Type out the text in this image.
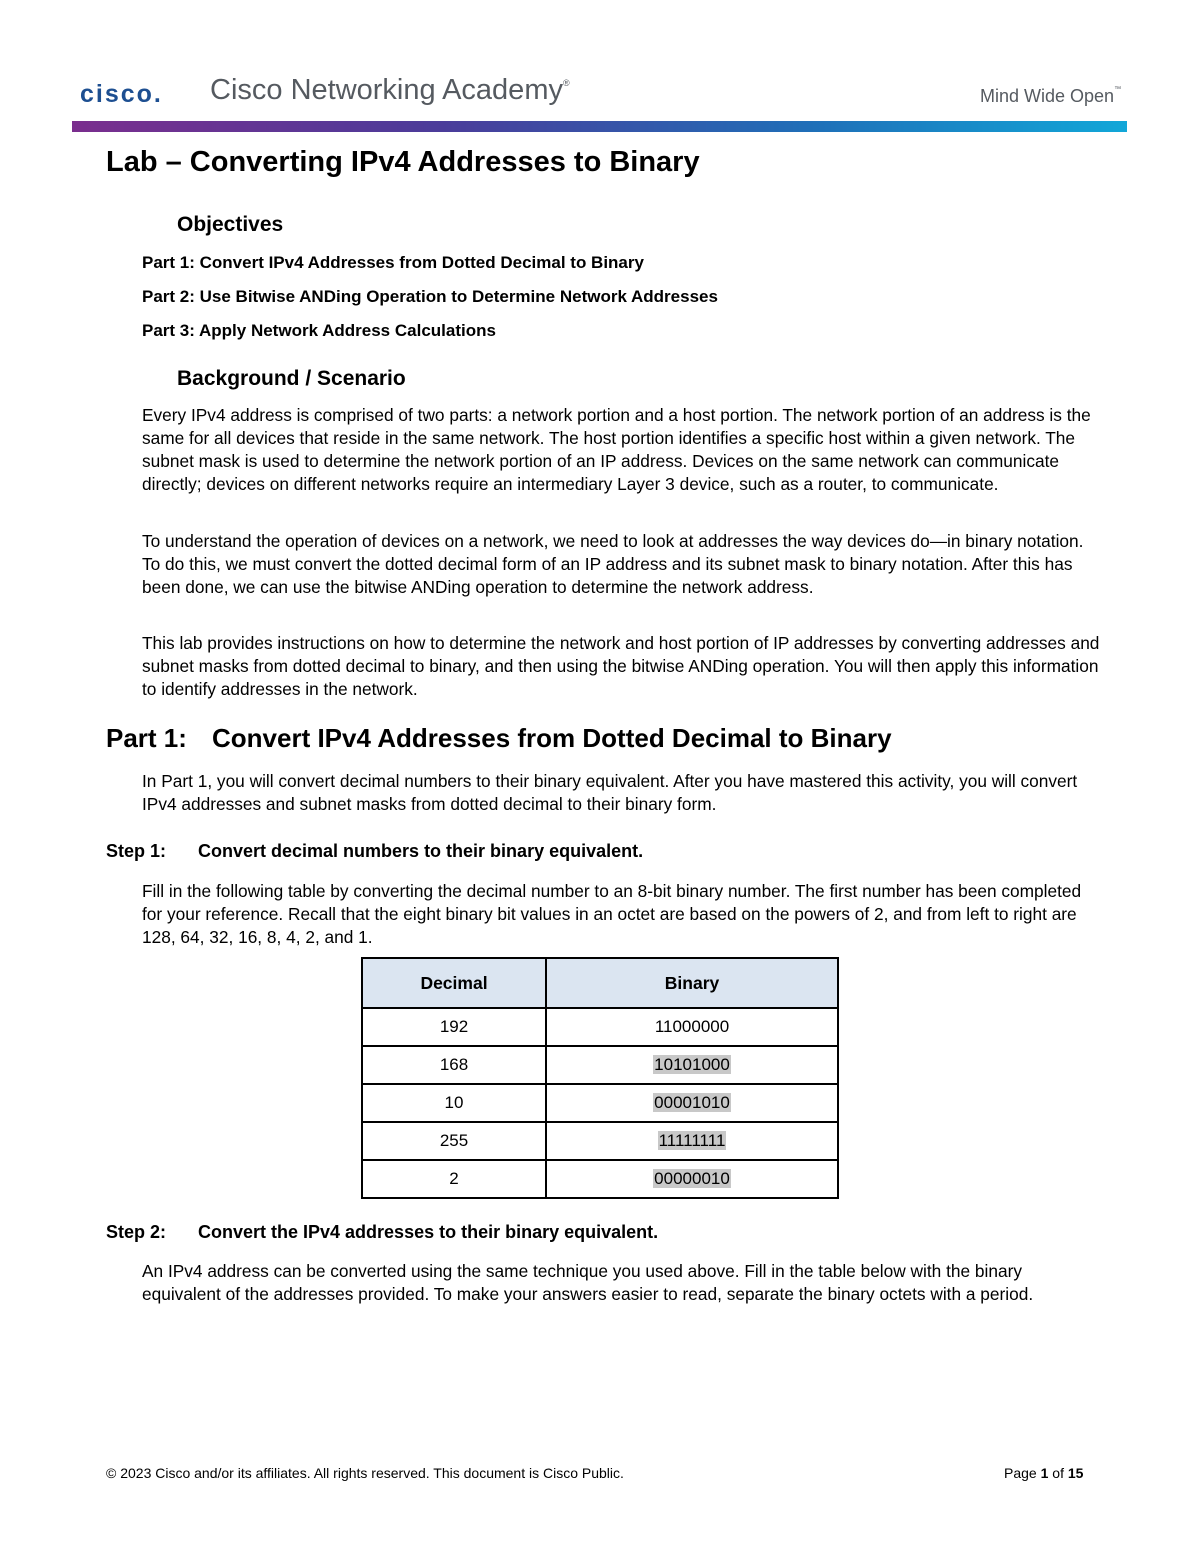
cisco. Cisco Networking Academy®
Mind Wide Open™
Lab – Converting IPv4 Addresses to Binary
Objectives
Part 1: Convert IPv4 Addresses from Dotted Decimal to Binary
Part 2: Use Bitwise ANDing Operation to Determine Network Addresses
Part 3: Apply Network Address Calculations
Background / Scenario

Every IPv4 address is comprised of two parts: a network portion and a host portion. The network portion of an address is the same for all devices that reside in the same network. The host portion identifies a specific host within a given network. The subnet mask is used to determine the network portion of an IP address. Devices on the same network can communicate directly; devices on different networks require an intermediary Layer 3 device, such as a router, to communicate.

To understand the operation of devices on a network, we need to look at addresses the way devices do—in binary notation. To do this, we must convert the dotted decimal form of an IP address and its subnet mask to binary notation. After this has been done, we can use the bitwise ANDing operation to determine the network address.

This lab provides instructions on how to determine the network and host portion of IP addresses by converting addresses and subnet masks from dotted decimal to binary, and then using the bitwise ANDing operation. You will then apply this information to identify addresses in the network.

Part 1: Convert IPv4 Addresses from Dotted Decimal to Binary

In Part 1, you will convert decimal numbers to their binary equivalent. After you have mastered this activity, you will convert IPv4 addresses and subnet masks from dotted decimal to their binary form.

Step 1: Convert decimal numbers to their binary equivalent.

Fill in the following table by converting the decimal number to an 8-bit binary number. The first number has been completed for your reference. Recall that the eight binary bit values in an octet are based on the powers of 2, and from left to right are 128, 64, 32, 16, 8, 4, 2, and 1.

Decimal	Binary
192	11000000
168	10101000
10	00001010
255	11111111
2	00000010
Step 2: Convert the IPv4 addresses to their binary equivalent.

An IPv4 address can be converted using the same technique you used above. Fill in the table below with the binary equivalent of the addresses provided. To make your answers easier to read, separate the binary octets with a period.

© 2023 Cisco and/or its affiliates. All rights reserved. This document is Cisco Public.	Page 1 of 15
